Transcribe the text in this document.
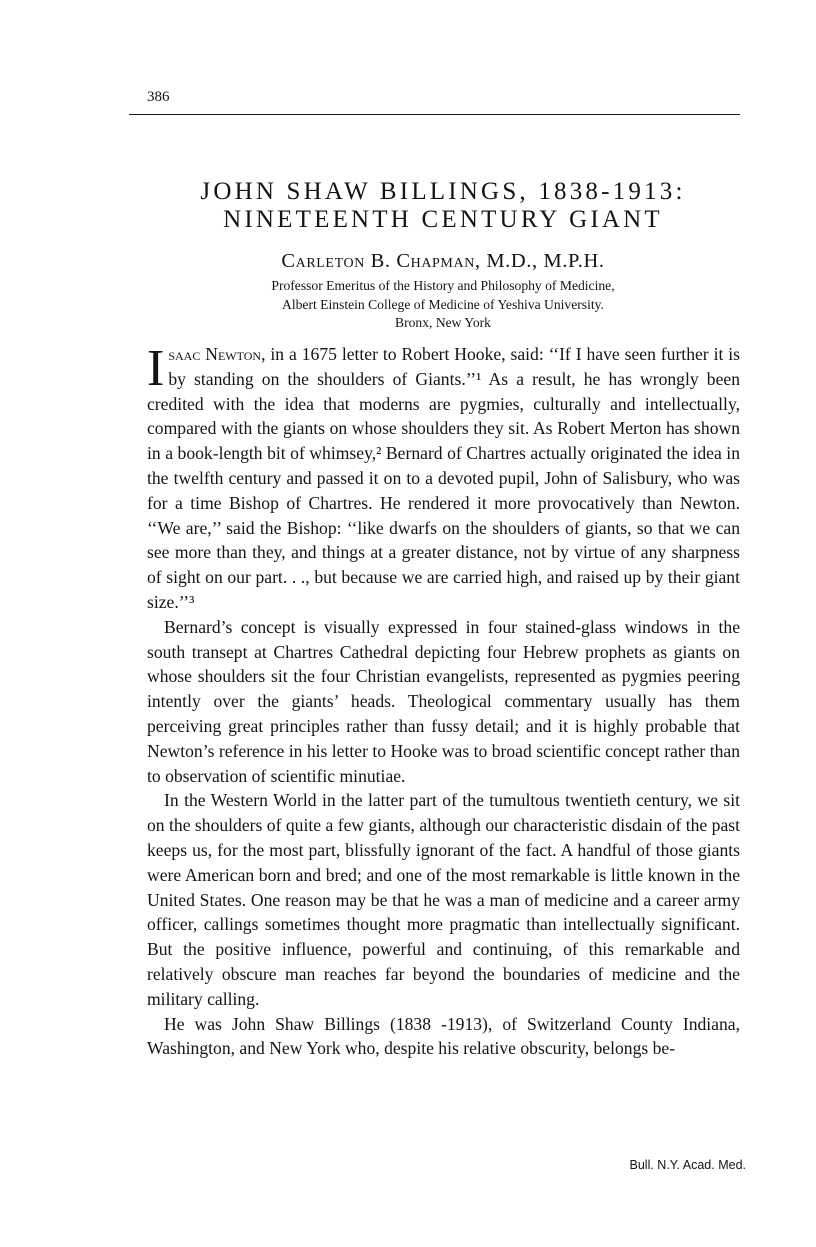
386
JOHN SHAW BILLINGS, 1838-1913:
NINETEENTH CENTURY GIANT
Carleton B. Chapman, M.D., M.P.H.
Professor Emeritus of the History and Philosophy of Medicine,
Albert Einstein College of Medicine of Yeshiva University.
Bronx, New York

Isaac Newton, in a 1675 letter to Robert Hooke, said: ‘‘If I have seen further it is by standing on the shoulders of Giants.’’¹ As a result, he has wrongly been credited with the idea that moderns are pygmies, culturally and intellectually, compared with the giants on whose shoulders they sit. As Robert Merton has shown in a book-length bit of whimsey,² Bernard of Chartres actually originated the idea in the twelfth century and passed it on to a devoted pupil, John of Salisbury, who was for a time Bishop of Chartres. He rendered it more provocatively than Newton. ‘‘We are,’’ said the Bishop: ‘‘like dwarfs on the shoulders of giants, so that we can see more than they, and things at a greater distance, not by virtue of any sharpness of sight on our part. . ., but because we are carried high, and raised up by their giant size.’’³

Bernard’s concept is visually expressed in four stained-glass windows in the south transept at Chartres Cathedral depicting four Hebrew prophets as giants on whose shoulders sit the four Christian evangelists, represented as pygmies peering intently over the giants’ heads. Theological commentary usually has them perceiving great principles rather than fussy detail; and it is highly probable that Newton’s reference in his letter to Hooke was to broad scientific concept rather than to observation of scientific minutiae.

In the Western World in the latter part of the tumultous twentieth century, we sit on the shoulders of quite a few giants, although our characteristic disdain of the past keeps us, for the most part, blissfully ignorant of the fact. A handful of those giants were American born and bred; and one of the most remarkable is little known in the United States. One reason may be that he was a man of medicine and a career army officer, callings sometimes thought more pragmatic than intellectually significant. But the positive influence, powerful and continuing, of this remarkable and relatively obscure man reaches far beyond the boundaries of medicine and the military calling.

He was John Shaw Billings (1838 -1913), of Switzerland County Indiana, Washington, and New York who, despite his relative obscurity, belongs be-

Bull. N.Y. Acad. Med.
